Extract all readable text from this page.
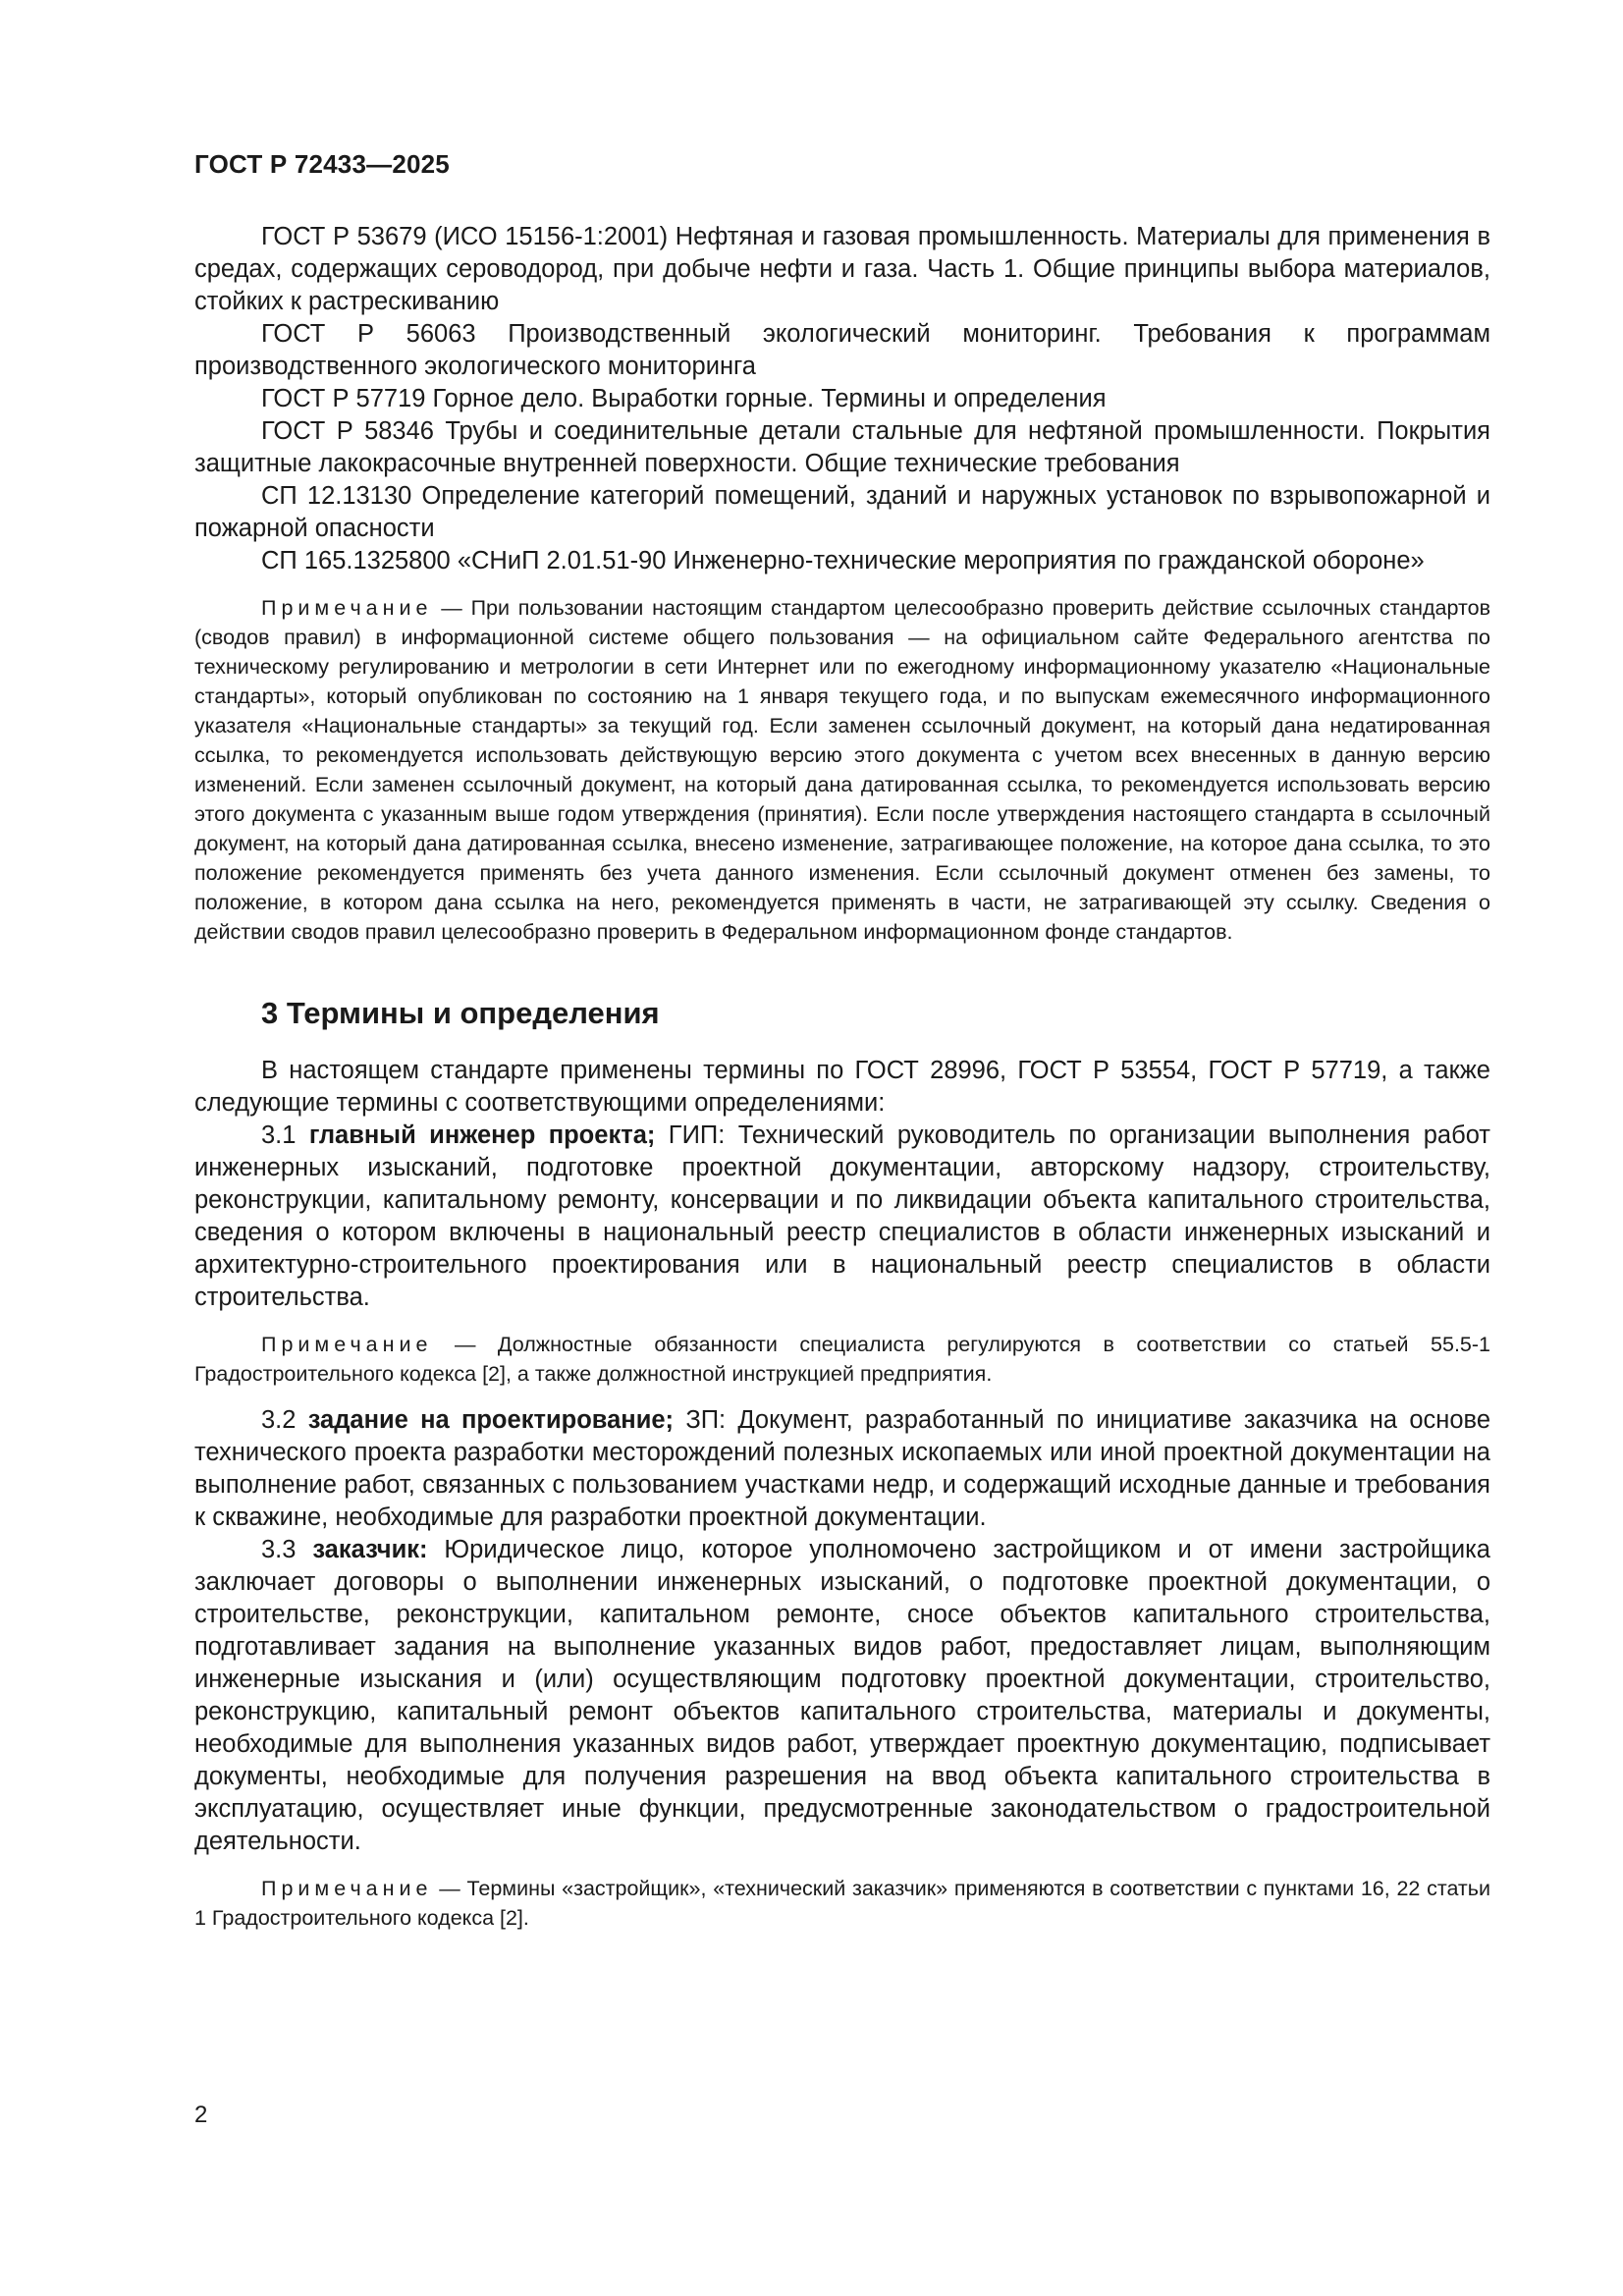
ГОСТ Р 72433—2025

ГОСТ Р 53679 (ИСО 15156-1:2001) Нефтяная и газовая промышленность. Материалы для применения в средах, содержащих сероводород, при добыче нефти и газа. Часть 1. Общие принципы выбора материалов, стойких к растрескиванию

ГОСТ Р 56063 Производственный экологический мониторинг. Требования к программам производственного экологического мониторинга

ГОСТ Р 57719 Горное дело. Выработки горные. Термины и определения

ГОСТ Р 58346 Трубы и соединительные детали стальные для нефтяной промышленности. Покрытия защитные лакокрасочные внутренней поверхности. Общие технические требования

СП 12.13130 Определение категорий помещений, зданий и наружных установок по взрывопожарной и пожарной опасности

СП 165.1325800 «СНиП 2.01.51-90 Инженерно-технические мероприятия по гражданской обороне»

Примечание — При пользовании настоящим стандартом целесообразно проверить действие ссылочных стандартов (сводов правил) в информационной системе общего пользования — на официальном сайте Федерального агентства по техническому регулированию и метрологии в сети Интернет или по ежегодному информационному указателю «Национальные стандарты», который опубликован по состоянию на 1 января текущего года, и по выпускам ежемесячного информационного указателя «Национальные стандарты» за текущий год. Если заменен ссылочный документ, на который дана недатированная ссылка, то рекомендуется использовать действующую версию этого документа с учетом всех внесенных в данную версию изменений. Если заменен ссылочный документ, на который дана датированная ссылка, то рекомендуется использовать версию этого документа с указанным выше годом утверждения (принятия). Если после утверждения настоящего стандарта в ссылочный документ, на который дана датированная ссылка, внесено изменение, затрагивающее положение, на которое дана ссылка, то это положение рекомендуется применять без учета данного изменения. Если ссылочный документ отменен без замены, то положение, в котором дана ссылка на него, рекомендуется применять в части, не затрагивающей эту ссылку. Сведения о действии сводов правил целесообразно проверить в Федеральном информационном фонде стандартов.

3 Термины и определения

В настоящем стандарте применены термины по ГОСТ 28996, ГОСТ Р 53554, ГОСТ Р 57719, а также следующие термины с соответствующими определениями:

3.1 главный инженер проекта; ГИП: Технический руководитель по организации выполнения работ инженерных изысканий, подготовке проектной документации, авторскому надзору, строительству, реконструкции, капитальному ремонту, консервации и по ликвидации объекта капитального строительства, сведения о котором включены в национальный реестр специалистов в области инженерных изысканий и архитектурно-строительного проектирования или в национальный реестр специалистов в области строительства.

Примечание — Должностные обязанности специалиста регулируются в соответствии со статьей 55.5-1 Градостроительного кодекса [2], а также должностной инструкцией предприятия.

3.2 задание на проектирование; ЗП: Документ, разработанный по инициативе заказчика на основе технического проекта разработки месторождений полезных ископаемых или иной проектной документации на выполнение работ, связанных с пользованием участками недр, и содержащий исходные данные и требования к скважине, необходимые для разработки проектной документации.

3.3 заказчик: Юридическое лицо, которое уполномочено застройщиком и от имени застройщика заключает договоры о выполнении инженерных изысканий, о подготовке проектной документации, о строительстве, реконструкции, капитальном ремонте, сносе объектов капитального строительства, подготавливает задания на выполнение указанных видов работ, предоставляет лицам, выполняющим инженерные изыскания и (или) осуществляющим подготовку проектной документации, строительство, реконструкцию, капитальный ремонт объектов капитального строительства, материалы и документы, необходимые для выполнения указанных видов работ, утверждает проектную документацию, подписывает документы, необходимые для получения разрешения на ввод объекта капитального строительства в эксплуатацию, осуществляет иные функции, предусмотренные законодательством о градостроительной деятельности.

Примечание — Термины «застройщик», «технический заказчик» применяются в соответствии с пунктами 16, 22 статьи 1 Градостроительного кодекса [2].

2
